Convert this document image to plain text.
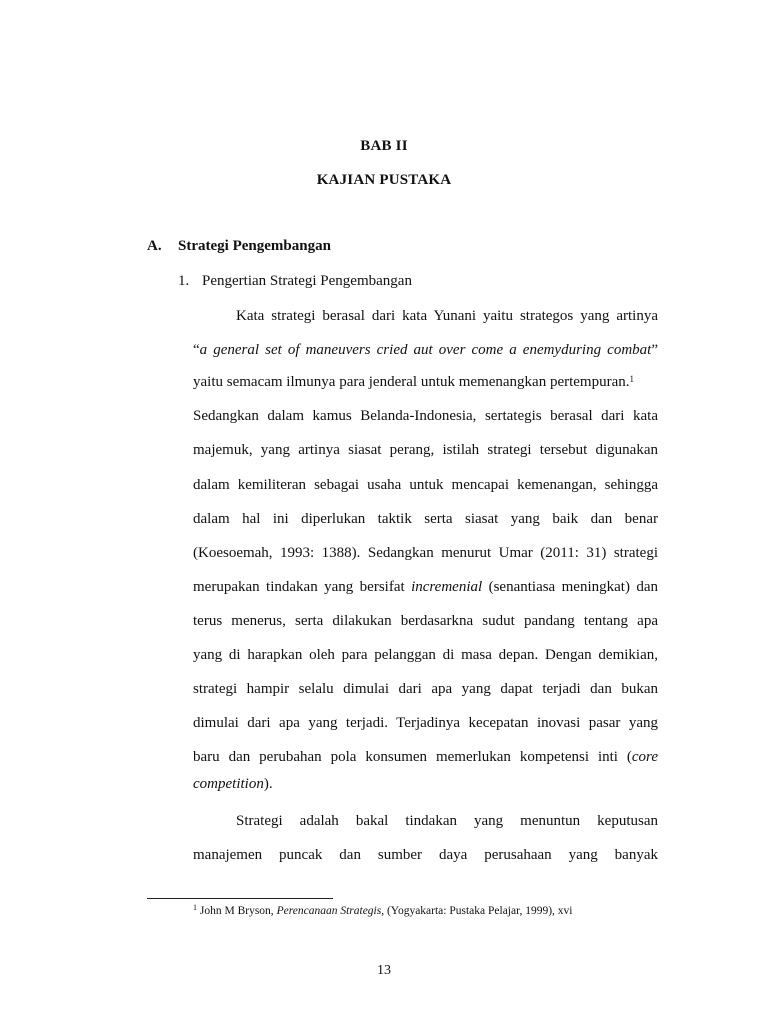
BAB II
KAJIAN PUSTAKA
A. Strategi Pengembangan
1. Pengertian Strategi Pengembangan
Kata strategi berasal dari kata Yunani yaitu strategos yang artinya
“a general set of maneuvers cried aut over come a enemyduring combat”
yaitu semacam ilmunya para jenderal untuk memenangkan pertempuran.$^1$
Sedangkan dalam kamus Belanda-Indonesia, sertategis berasal dari kata
majemuk, yang artinya siasat perang, istilah strategi tersebut digunakan
dalam kemiliteran sebagai usaha untuk mencapai kemenangan, sehingga
dalam hal ini diperlukan taktik serta siasat yang baik dan benar
(Koesoemah, 1993: 1388). Sedangkan menurut Umar (2011: 31) strategi
merupakan tindakan yang bersifat incremenial (senantiasa meningkat) dan
terus menerus, serta dilakukan berdasarkna sudut pandang tentang apa
yang di harapkan oleh para pelanggan di masa depan. Dengan demikian,
strategi hampir selalu dimulai dari apa yang dapat terjadi dan bukan
dimulai dari apa yang terjadi. Terjadinya kecepatan inovasi pasar yang
baru dan perubahan pola konsumen memerlukan kompetensi inti (core
competition).
Strategi adalah bakal tindakan yang menuntun keputusan
manajemen puncak dan sumber daya perusahaan yang banyak
$^1$ John M Bryson, Perencanaan Strategis, (Yogyakarta: Pustaka Pelajar, 1999), xvi
13
